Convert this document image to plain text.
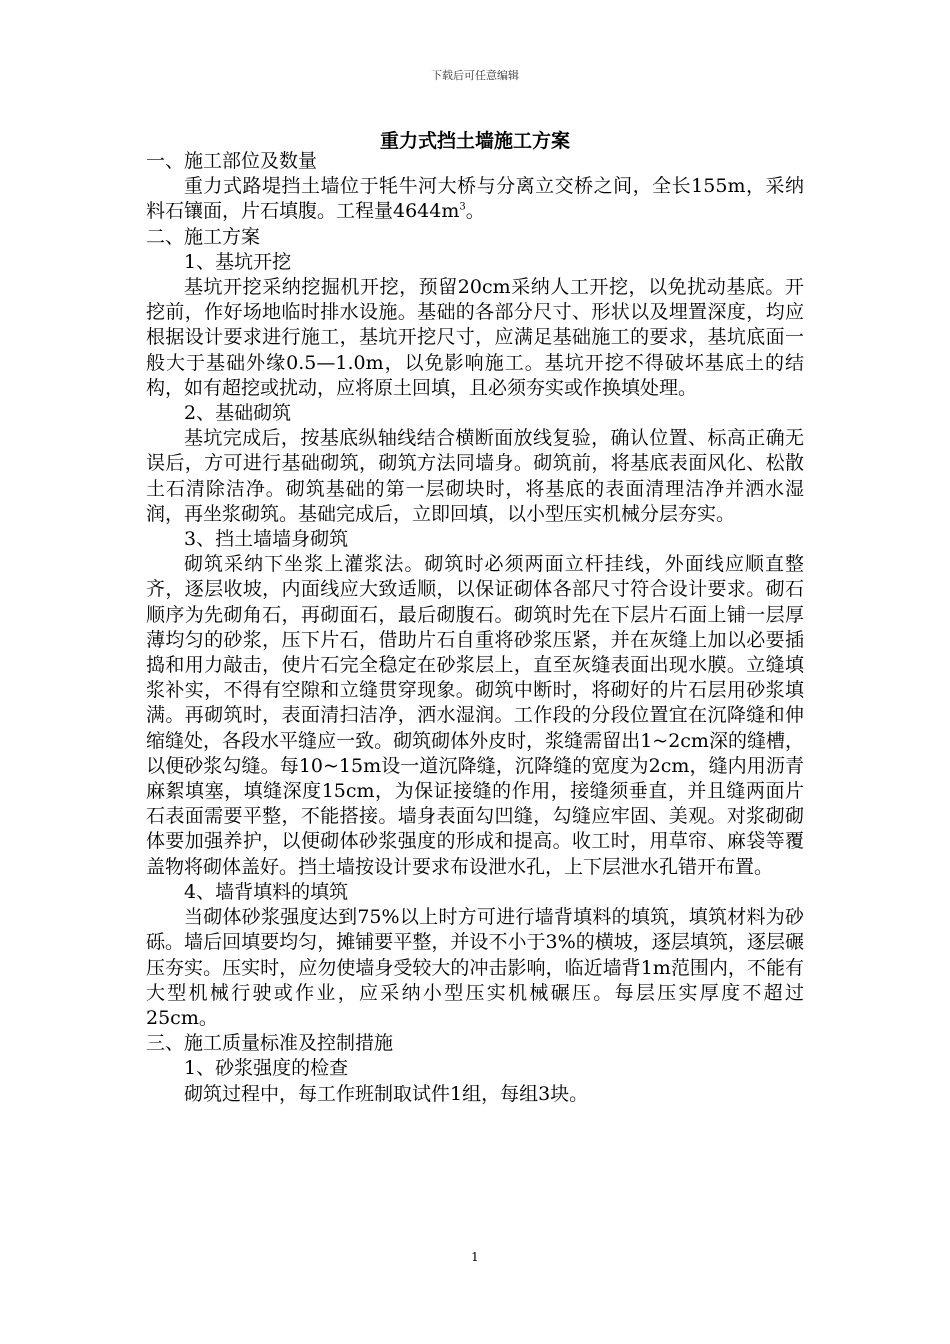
下载后可任意编辑
重力式挡土墙施工方案

一、施工部位及数量

重力式路堤挡土墙位于牦牛河大桥与分离立交桥之间，全长155m，采纳料石镶面，片石填腹。工程量$4644m^3$。

二、施工方案

1、基坑开挖

基坑开挖采纳挖掘机开挖，预留20cm采纳人工开挖，以免扰动基底。开挖前，作好场地临时排水设施。基础的各部分尺寸、形状以及埋置深度，均应根据设计要求进行施工，基坑开挖尺寸，应满足基础施工的要求，基坑底面一般大于基础外缘0.5—1.0m，以免影响施工。基坑开挖不得破坏基底土的结构，如有超挖或扰动，应将原土回填，且必须夯实或作换填处理。

2、基础砌筑

基坑完成后，按基底纵轴线结合横断面放线复验，确认位置、标高正确无误后，方可进行基础砌筑，砌筑方法同墙身。砌筑前，将基底表面风化、松散土石清除洁净。砌筑基础的第一层砌块时，将基底的表面清理洁净并洒水湿润，再坐浆砌筑。基础完成后，立即回填，以小型压实机械分层夯实。

3、挡土墙墙身砌筑

砌筑采纳下坐浆上灌浆法。砌筑时必须两面立杆挂线，外面线应顺直整齐，逐层收坡，内面线应大致适顺，以保证砌体各部尺寸符合设计要求。砌石顺序为先砌角石，再砌面石，最后砌腹石。砌筑时先在下层片石面上铺一层厚薄均匀的砂浆，压下片石，借助片石自重将砂浆压紧，并在灰缝上加以必要插捣和用力敲击，使片石完全稳定在砂浆层上，直至灰缝表面出现水膜。立缝填浆补实，不得有空隙和立缝贯穿现象。砌筑中断时，将砌好的片石层用砂浆填满。再砌筑时，表面清扫洁净，洒水湿润。工作段的分段位置宜在沉降缝和伸缩缝处，各段水平缝应一致。砌筑砌体外皮时，浆缝需留出1~2cm深的缝槽，以便砂浆勾缝。每10~15m设一道沉降缝，沉降缝的宽度为2cm，缝内用沥青麻絮填塞，填缝深度15cm，为保证接缝的作用，接缝须垂直，并且缝两面片石表面需要平整，不能搭接。墙身表面勾凹缝，勾缝应牢固、美观。对浆砌砌体要加强养护，以便砌体砂浆强度的形成和提高。收工时，用草帘、麻袋等覆盖物将砌体盖好。挡土墙按设计要求布设泄水孔，上下层泄水孔错开布置。

4、墙背填料的填筑

当砌体砂浆强度达到75%以上时方可进行墙背填料的填筑，填筑材料为砂砾。墙后回填要均匀，摊铺要平整，并设不小于3%的横坡，逐层填筑，逐层碾压夯实。压实时，应勿使墙身受较大的冲击影响，临近墙背1m范围内，不能有大型机械行驶或作业，应采纳小型压实机械碾压。每层压实厚度不超过25cm。

三、施工质量标准及控制措施

1、砂浆强度的检查

砌筑过程中，每工作班制取试件1组，每组3块。

1
